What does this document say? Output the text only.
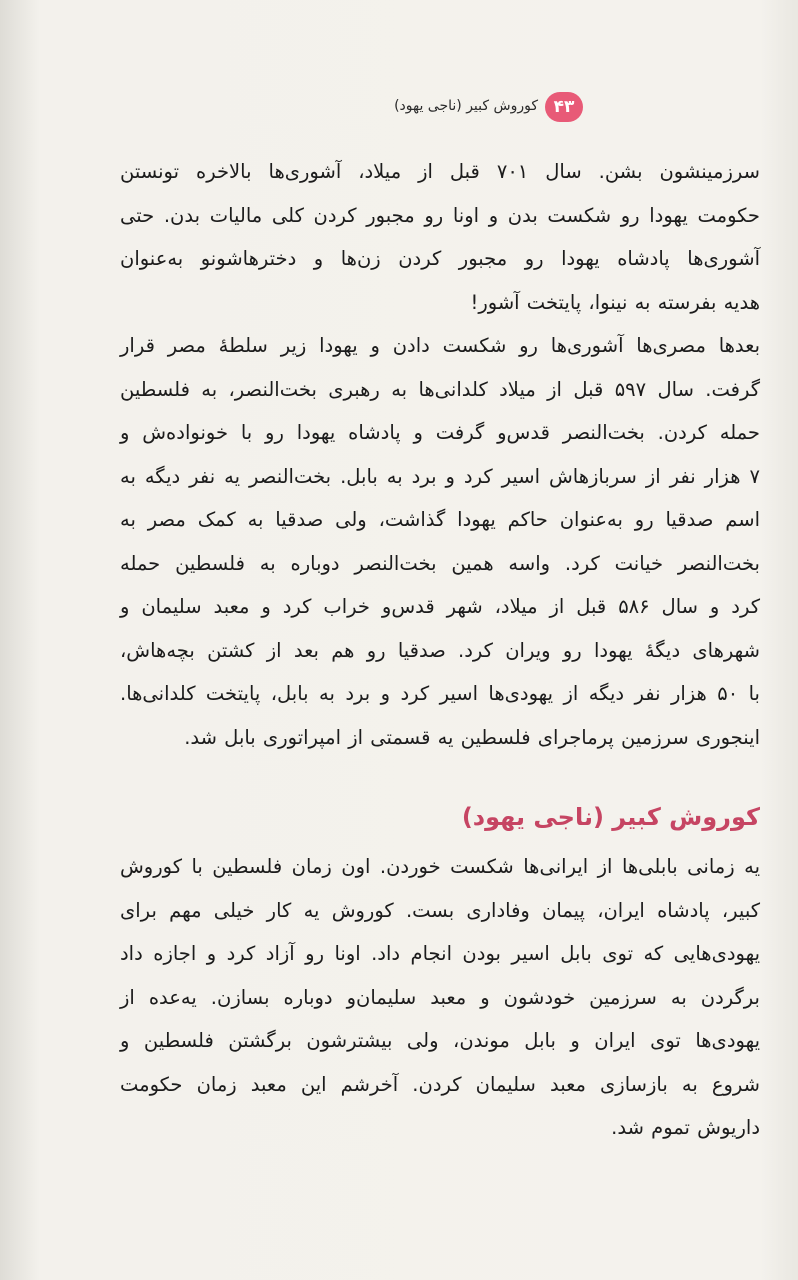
۴۳
کوروش کبیر (ناجی یهود)

سرزمینشون بشن. سال ۷۰۱ قبل از میلاد، آشوری‌ها بالاخره تونستن
حکومت یهودا رو شکست بدن و اونا رو مجبور کردن کلی مالیات بدن. حتی
آشوری‌ها پادشاه یهودا رو مجبور کردن زن‌ها و دخترهاشونو به‌عنوان
هدیه بفرسته به نینوا، پایتخت آشور!

بعدها مصری‌ها آشوری‌ها رو شکست دادن و یهودا زیر سلطهٔ مصر قرار
گرفت. سال ۵۹۷ قبل از میلاد کلدانی‌ها به رهبری بخت‌النصر، به فلسطین
حمله کردن. بخت‌النصر قدس‌و گرفت و پادشاه یهودا رو با خونواده‌ش و
۷ هزار نفر از سربازهاش اسیر کرد و برد به بابل. بخت‌النصر یه نفر دیگه به
اسم صدقیا رو به‌عنوان حاکم یهودا گذاشت، ولی صدقیا به کمک مصر به
بخت‌النصر خیانت کرد. واسه همین بخت‌النصر دوباره به فلسطین حمله
کرد و سال ۵۸۶ قبل از میلاد، شهر قدس‌و خراب کرد و معبد سلیمان و
شهرهای دیگهٔ یهودا رو ویران کرد. صدقیا رو هم بعد از کشتن بچه‌هاش،
با ۵۰ هزار نفر دیگه از یهودی‌ها اسیر کرد و برد به بابل، پایتخت کلدانی‌ها.
اینجوری سرزمین پرماجرای فلسطین یه قسمتی از امپراتوری بابل شد.

کوروش کبیر (ناجی یهود)

یه زمانی بابلی‌ها از ایرانی‌ها شکست خوردن. اون زمان فلسطین با کوروش
کبیر، پادشاه ایران، پیمان وفاداری بست. کوروش یه کار خیلی مهم برای
یهودی‌هایی که توی بابل اسیر بودن انجام داد. اونا رو آزاد کرد و اجازه داد
برگردن به سرزمین خودشون و معبد سلیمان‌و دوباره بسازن. یه‌عده از
یهودی‌ها توی ایران و بابل موندن، ولی بیشترشون برگشتن فلسطین و
شروع به بازسازی معبد سلیمان کردن. آخرشم این معبد زمان حکومت
داریوش تموم شد.
